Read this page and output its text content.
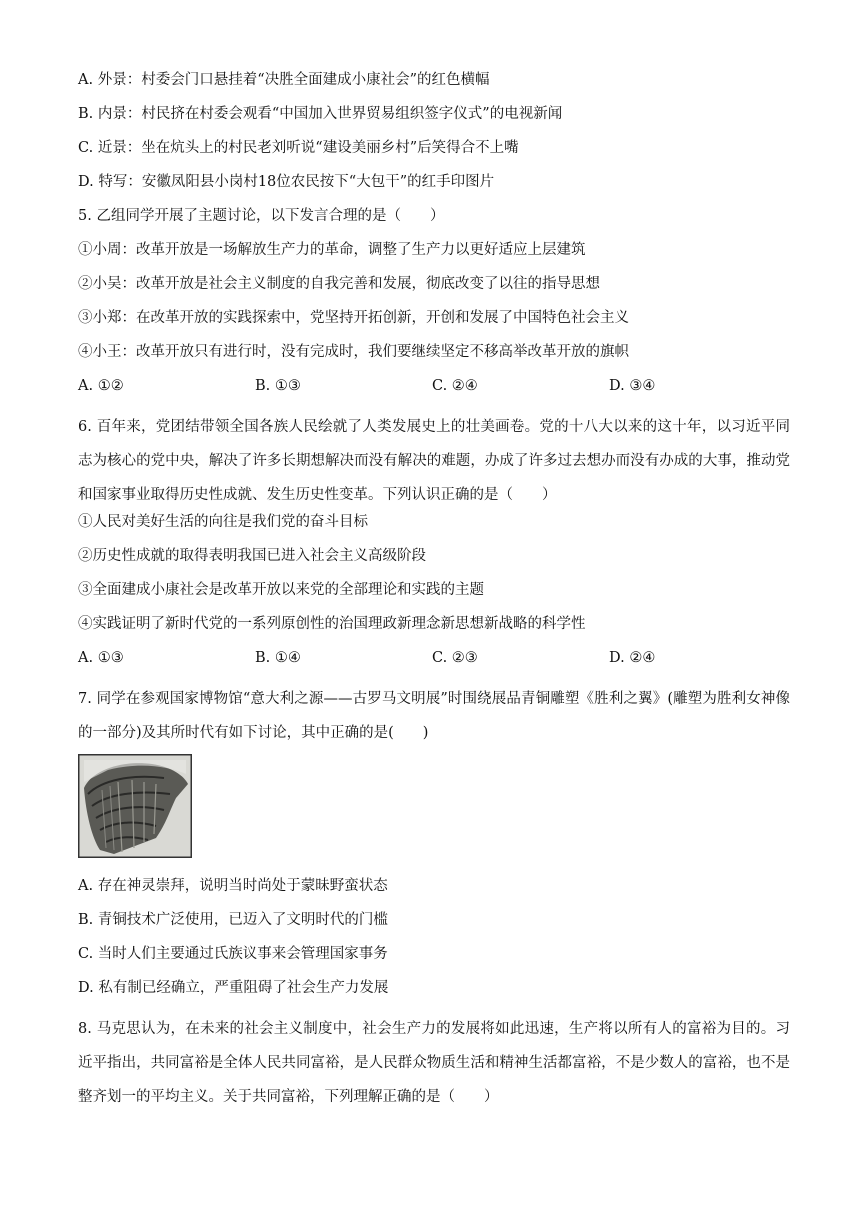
A. 外景：村委会门口悬挂着“决胜全面建成小康社会”的红色横幅
B. 内景：村民挤在村委会观看“中国加入世界贸易组织签字仪式”的电视新闻
C. 近景：坐在炕头上的村民老刘听说“建设美丽乡村”后笑得合不上嘴
D. 特写：安徽凤阳县小岗村18位农民按下“大包干”的红手印图片
5. 乙组同学开展了主题讨论，以下发言合理的是（　　）
①小周：改革开放是一场解放生产力的革命，调整了生产力以更好适应上层建筑
②小吴：改革开放是社会主义制度的自我完善和发展，彻底改变了以往的指导思想
③小郑：在改革开放的实践探索中，党坚持开拓创新，开创和发展了中国特色社会主义
④小王：改革开放只有进行时，没有完成时，我们要继续坚定不移高举改革开放的旗帜
A. ①②	B. ①③	C. ②④	D. ③④
6. 百年来，党团结带领全国各族人民绘就了人类发展史上的壮美画卷。党的十八大以来的这十年，以习近平同志为核心的党中央，解决了许多长期想解决而没有解决的难题，办成了许多过去想办而没有办成的大事，推动党和国家事业取得历史性成就、发生历史性变革。下列认识正确的是（　　）
①人民对美好生活的向往是我们党的奋斗目标
②历史性成就的取得表明我国已进入社会主义高级阶段
③全面建成小康社会是改革开放以来党的全部理论和实践的主题
④实践证明了新时代党的一系列原创性的治国理政新理念新思想新战略的科学性
A. ①③	B. ①④	C. ②③	D. ②④
7. 同学在参观国家博物馆“意大利之源——古罗马文明展”时围绕展品青铜雕塑《胜利之翼》(雕塑为胜利女神像的一部分)及其所时代有如下讨论，其中正确的是(　　)
A. 存在神灵崇拜，说明当时尚处于蒙昧野蛮状态
B. 青铜技术广泛使用，已迈入了文明时代的门槛
C. 当时人们主要通过氏族议事来会管理国家事务
D. 私有制已经确立，严重阻碍了社会生产力发展
8. 马克思认为，在未来的社会主义制度中，社会生产力的发展将如此迅速，生产将以所有人的富裕为目的。习近平指出，共同富裕是全体人民共同富裕，是人民群众物质生活和精神生活都富裕，不是少数人的富裕，也不是整齐划一的平均主义。关于共同富裕，下列理解正确的是（　　）
